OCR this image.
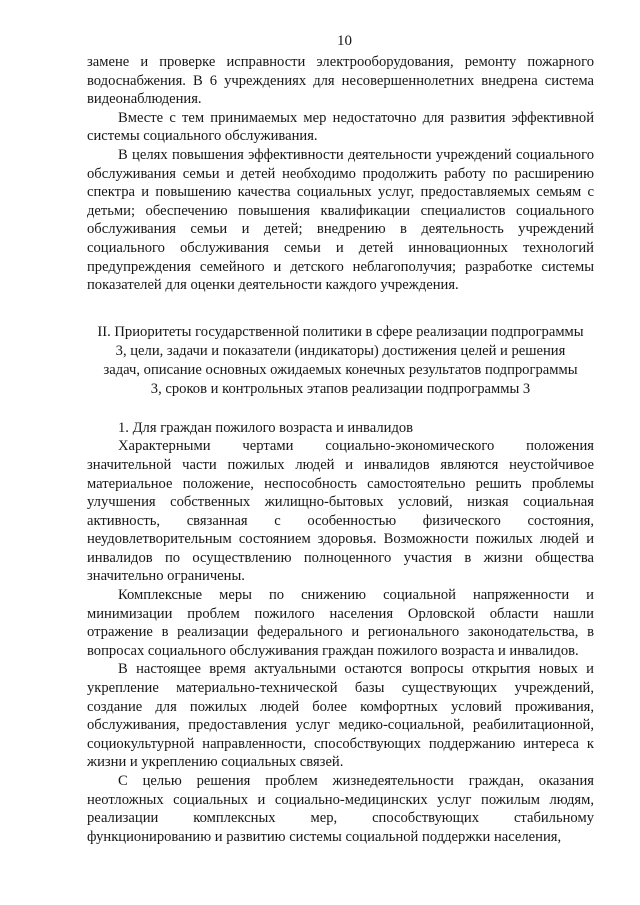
10

замене и проверке исправности электрооборудования, ремонту пожарного водоснабжения. В 6 учреждениях для несовершеннолетних внедрена система видеонаблюдения.

Вместе с тем принимаемых мер недостаточно для развития эффективной системы социального обслуживания.

В целях повышения эффективности деятельности учреждений социального обслуживания семьи и детей необходимо продолжить работу по расширению спектра и повышению качества социальных услуг, предоставляемых семьям с детьми; обеспечению повышения квалификации специалистов социального обслуживания семьи и детей; внедрению в деятельность учреждений социального обслуживания семьи и детей инновационных технологий предупреждения семейного и детского неблагополучия; разработке системы показателей для оценки деятельности каждого учреждения.

II. Приоритеты государственной политики в сфере реализации подпрограммы 3, цели, задачи и показатели (индикаторы) достижения целей и решения задач, описание основных ожидаемых конечных результатов подпрограммы 3, сроков и контрольных этапов реализации подпрограммы 3

1. Для граждан пожилого возраста и инвалидов

Характерными чертами социально-экономического положения значительной части пожилых людей и инвалидов являются неустойчивое материальное положение, неспособность самостоятельно решить проблемы улучшения собственных жилищно-бытовых условий, низкая социальная активность, связанная с особенностью физического состояния, неудовлетворительным состоянием здоровья. Возможности пожилых людей и инвалидов по осуществлению полноценного участия в жизни общества значительно ограничены.

Комплексные меры по снижению социальной напряженности и минимизации проблем пожилого населения Орловской области нашли отражение в реализации федерального и регионального законодательства, в вопросах социального обслуживания граждан пожилого возраста и инвалидов.

В настоящее время актуальными остаются вопросы открытия новых и укрепление материально-технической базы существующих учреждений, создание для пожилых людей более комфортных условий проживания, обслуживания, предоставления услуг медико-социальной, реабилитационной, социокультурной направленности, способствующих поддержанию интереса к жизни и укреплению социальных связей.

С целью решения проблем жизнедеятельности граждан, оказания неотложных социальных и социально-медицинских услуг пожилым людям, реализации комплексных мер, способствующих стабильному функционированию и развитию системы социальной поддержки населения,
